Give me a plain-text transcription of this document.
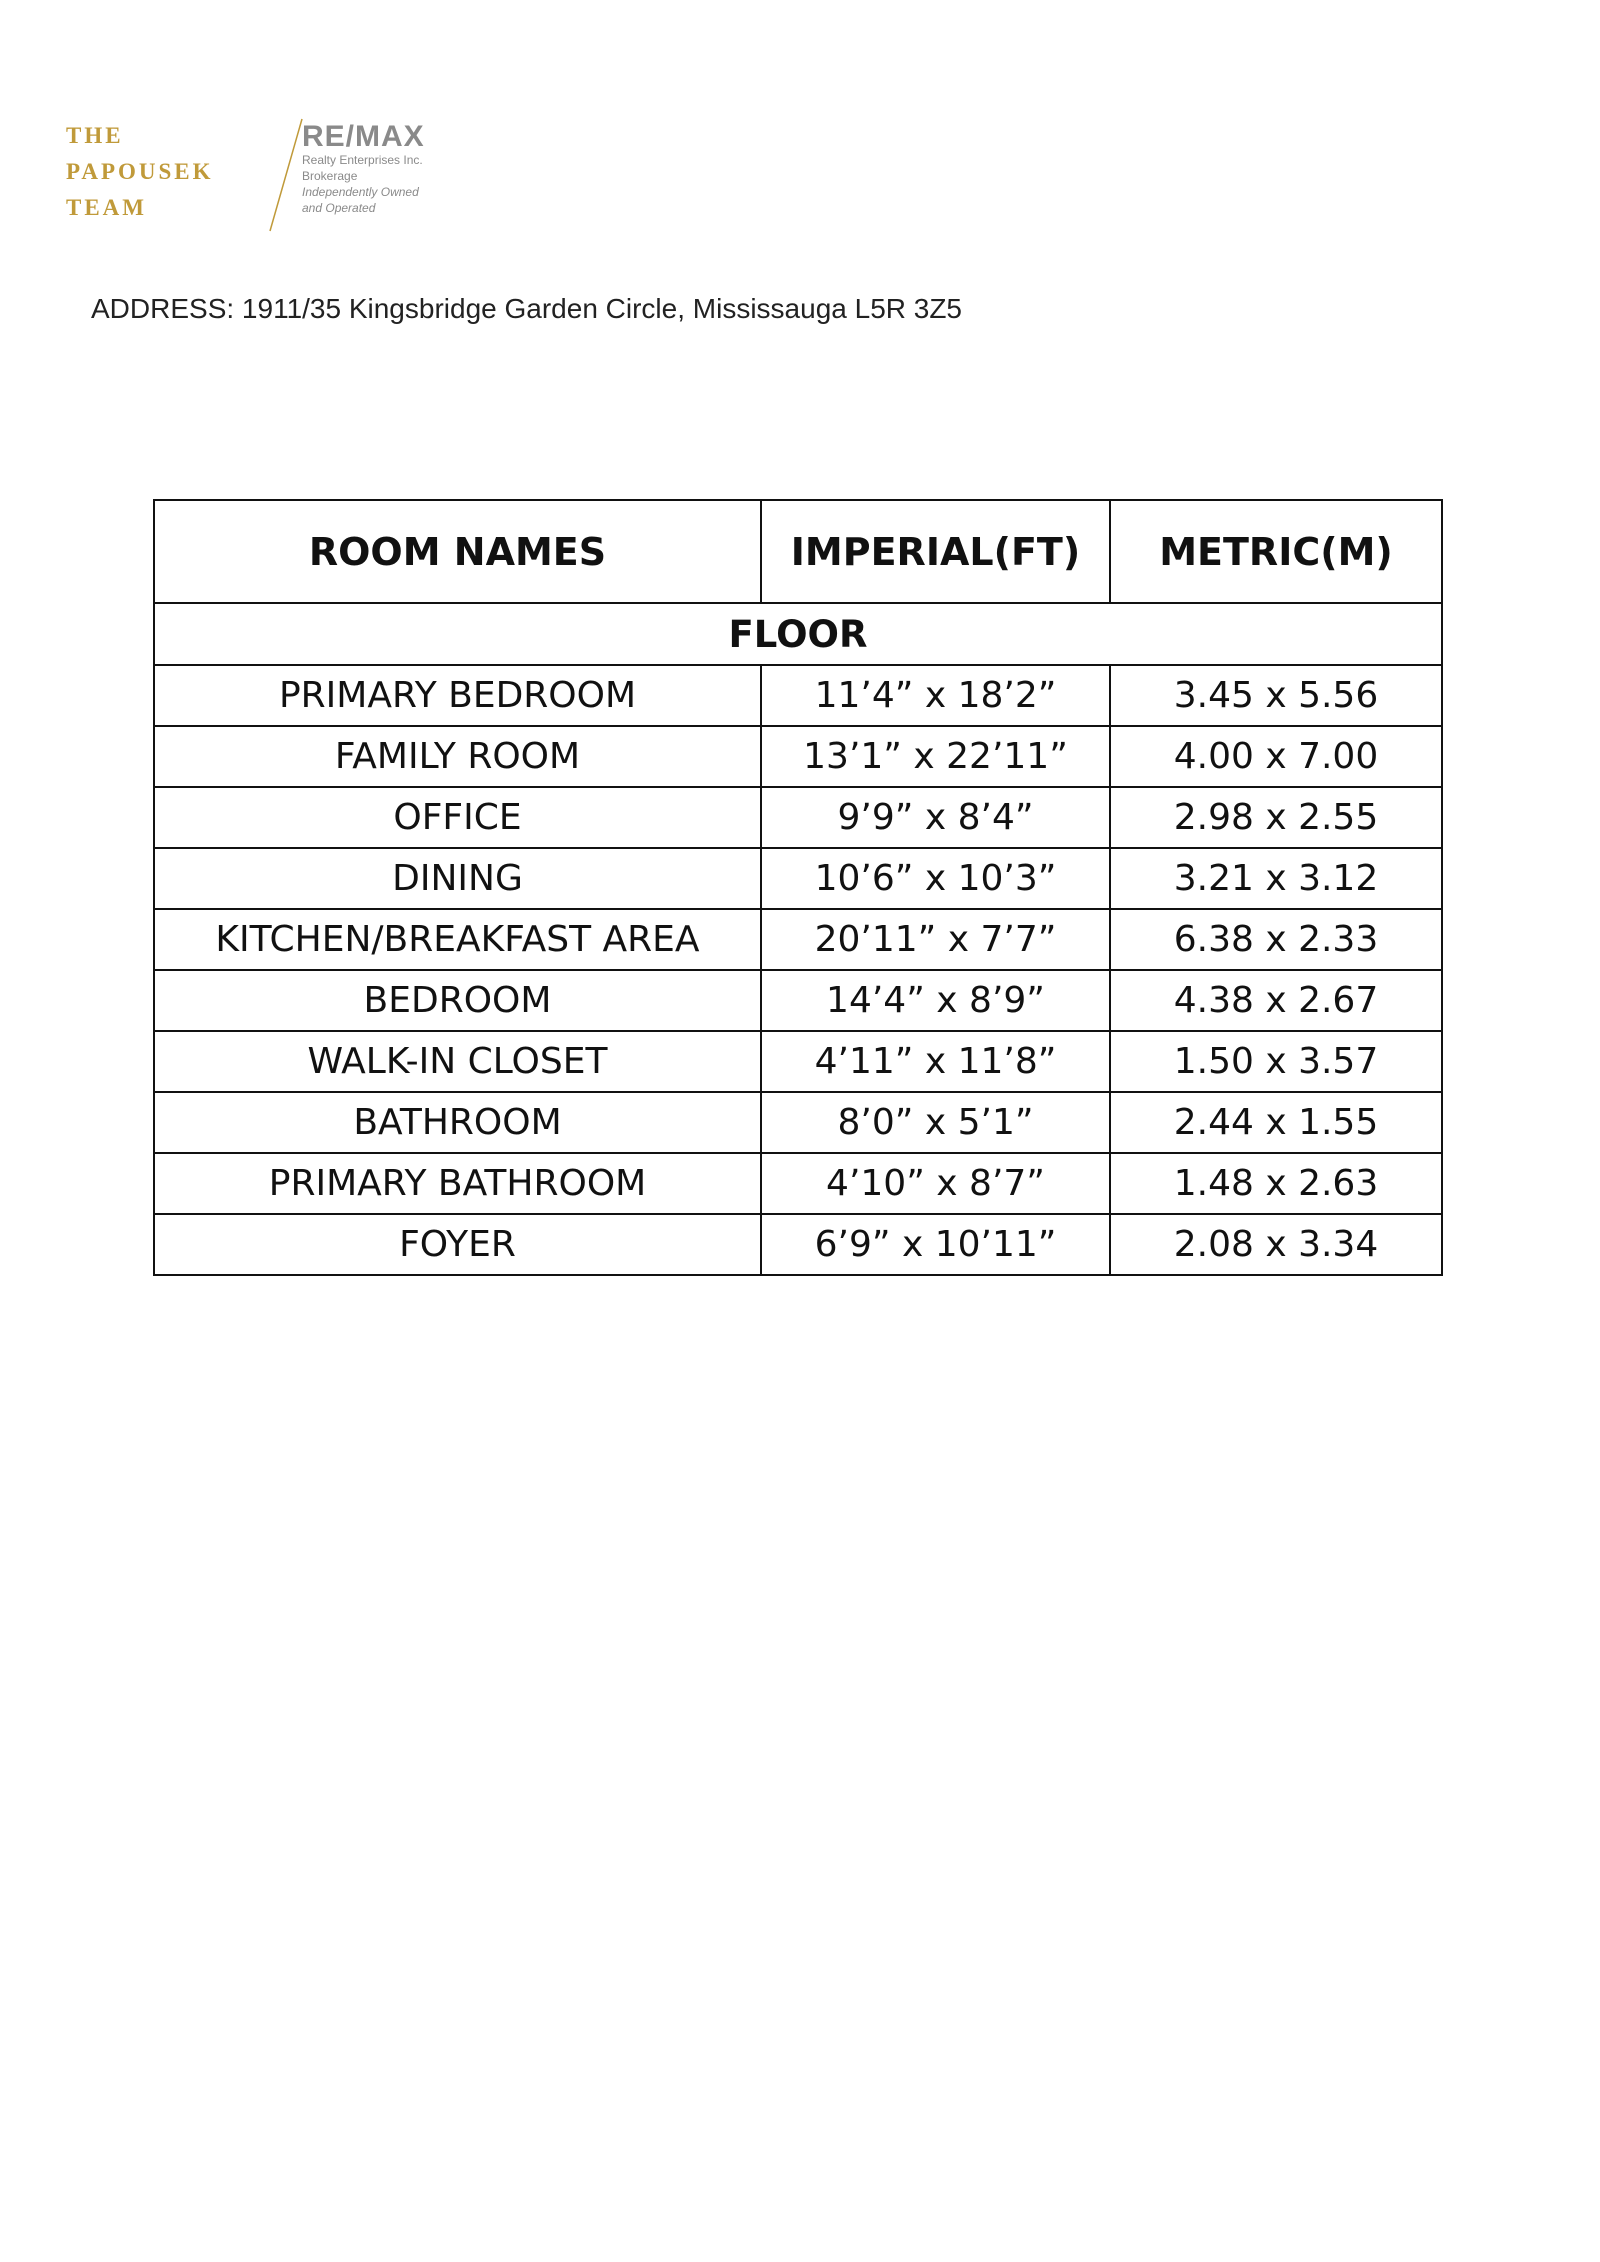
THE
PAPOUSEK
TEAM
RE/MAX
Realty Enterprises Inc.
Brokerage
Independently Owned
and Operated
ADDRESS: 1911/35 Kingsbridge Garden Circle, Mississauga L5R 3Z5
ROOM NAMES	IMPERIAL(FT)	METRIC(M)
FLOOR		
PRIMARY BEDROOM	11’4” x 18’2”	3.45 x 5.56
FAMILY ROOM	13’1” x 22’11”	4.00 x 7.00
OFFICE	9’9” x 8’4”	2.98 x 2.55
DINING	10’6” x 10’3”	3.21 x 3.12
KITCHEN/BREAKFAST AREA	20’11” x 7’7”	6.38 x 2.33
BEDROOM	14’4” x 8’9”	4.38 x 2.67
WALK-IN CLOSET	4’11” x 11’8”	1.50 x 3.57
BATHROOM	8’0” x 5’1”	2.44 x 1.55
PRIMARY BATHROOM	4’10” x 8’7”	1.48 x 2.63
FOYER	6’9” x 10’11”	2.08 x 3.34
